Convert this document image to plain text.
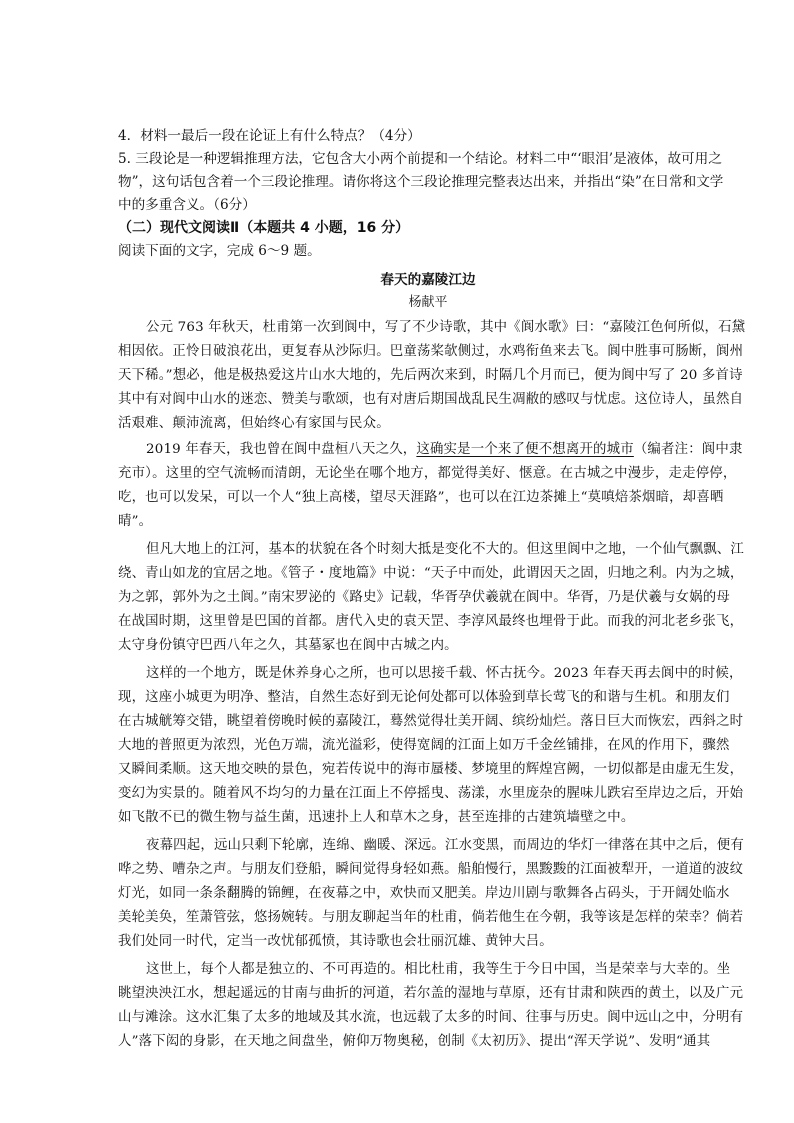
4．材料一最后一段在论证上有什么特点？（4分）
5. 三段论是一种逻辑推理方法，它包含大小两个前提和一个结论。材料二中“‘眼泪’是液体，故可用之
物”，这句话包含着一个三段论推理。请你将这个三段论推理完整表达出来，并指出“染”在日常和文学
中的多重含义。（6分）
（二）现代文阅读Ⅱ（本题共 4 小题，16 分）
阅读下面的文字，完成 6～9 题。
春天的嘉陵江边
杨献平
公元 763 年秋天，杜甫第一次到阆中，写了不少诗歌，其中《阆水歌》曰：“嘉陵江色何所似，石黛
相因依。正怜日破浪花出，更复春从沙际归。巴童荡桨欹侧过，水鸡衔鱼来去飞。阆中胜事可肠断，阆州
天下稀。”想必，他是极热爱这片山水大地的，先后两次来到，时隔几个月而已，便为阆中写了 20 多首诗
其中有对阆中山水的迷恋、赞美与歌颂，也有对唐后期国战乱民生凋敝的感叹与忧虑。这位诗人，虽然自
活艰难、颠沛流离，但始终心有家国与民众。
2019 年春天，我也曾在阆中盘桓八天之久，这确实是一个来了便不想离开的城市（编者注：阆中隶
充市）。这里的空气流畅而清朗，无论坐在哪个地方，都觉得美好、惬意。在古城之中漫步，走走停停，
吃，也可以发呆，可以一个人“独上高楼，望尽天涯路”，也可以在江边茶摊上“莫嗔焙茶烟暗，却喜晒
晴”。
但凡大地上的江河，基本的状貌在各个时刻大抵是变化不大的。但这里阆中之地，一个仙气飘飘、江
绕、青山如龙的宜居之地。《管子・度地篇》中说：“天子中而处，此谓因天之固，归地之利。内为之城，
为之郭，郭外为之土阆。”南宋罗泌的《路史》记载，华胥孕伏羲就在阆中。华胥，乃是伏羲与女娲的母
在战国时期，这里曾是巴国的首都。唐代入史的袁天罡、李淳风最终也埋骨于此。而我的河北老乡张飞，
太守身份镇守巴西八年之久，其墓冢也在阆中古城之内。
这样的一个地方，既是休养身心之所，也可以思接千载、怀古抚今。2023 年春天再去阆中的时候，
现，这座小城更为明净、整洁，自然生态好到无论何处都可以体验到草长莺飞的和谐与生机。和朋友们
在古城觥筹交错，眺望着傍晚时候的嘉陵江，蓦然觉得壮美开阔、缤纷灿烂。落日巨大而恢宏，西斜之时
大地的普照更为浓烈，光色万端，流光溢彩，使得宽阔的江面上如万千金丝铺排，在风的作用下，骤然
又瞬间柔顺。这天地交映的景色，宛若传说中的海市蜃楼、梦境里的辉煌宫阙，一切似都是由虚无生发，
变幻为实景的。随着风不均匀的力量在江面上不停摇曳、荡漾，水里庞杂的腥味儿跌宕至岸边之后，开始
如飞散不已的微生物与益生菌，迅速扑上人和草木之身，甚至连排的古建筑墙壁之中。
夜幕四起，远山只剩下轮廓，连绵、幽暖、深远。江水变黑，而周边的华灯一律落在其中之后，便有
哗之势、嘈杂之声。与朋友们登船，瞬间觉得身轻如燕。船舶慢行，黑黢黢的江面被犁开，一道道的波纹
灯光，如同一条条翻腾的锦鲤，在夜幕之中，欢快而又肥美。岸边川剧与歌舞各占码头，于开阔处临水
美轮美奂，笙萧管弦，悠扬婉转。与朋友聊起当年的杜甫，倘若他生在今朝，我等该是怎样的荣幸？倘若
我们处同一时代，定当一改忧郁孤愤，其诗歌也会壮丽沉雄、黄钟大吕。
这世上，每个人都是独立的、不可再造的。相比杜甫，我等生于今日中国，当是荣幸与大幸的。坐
眺望泱泱江水，想起遥远的甘南与曲折的河道，若尔盖的湿地与草原，还有甘肃和陕西的黄土，以及广元
山与滩涂。这水汇集了太多的地域及其水流，也远载了太多的时间、往事与历史。阆中远山之中，分明有
人”落下闳的身影，在天地之间盘坐，俯仰万物奥秘，创制《太初历》、提出“浑天学说”、发明“通其
